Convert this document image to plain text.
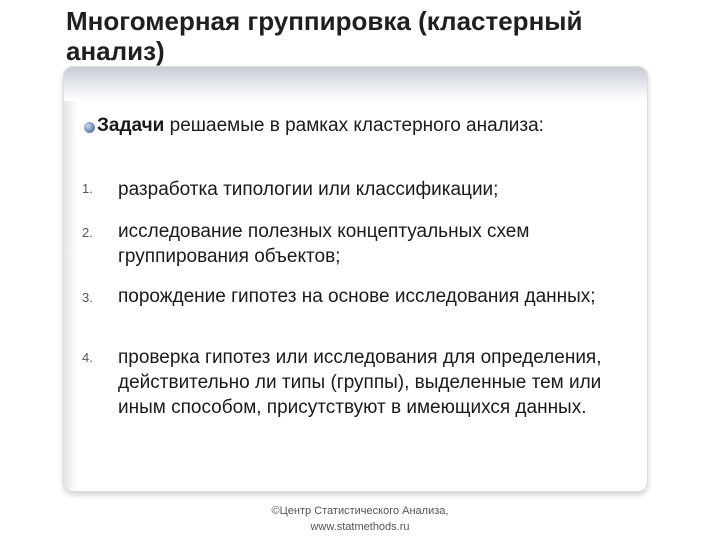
Многомерная группировка (кластерный анализ)
Задачи решаемые в рамках кластерного анализа:
1. разработка типологии или классификации;
2. исследование полезных концептуальных схем группирования объектов;
3. порождение гипотез на основе исследования данных;
4. проверка гипотез или исследования для определения, действительно ли типы (группы), выделенные тем или иным способом, присутствуют в имеющихся данных.
©Центр Статистического Анализа,
www.statmethods.ru
